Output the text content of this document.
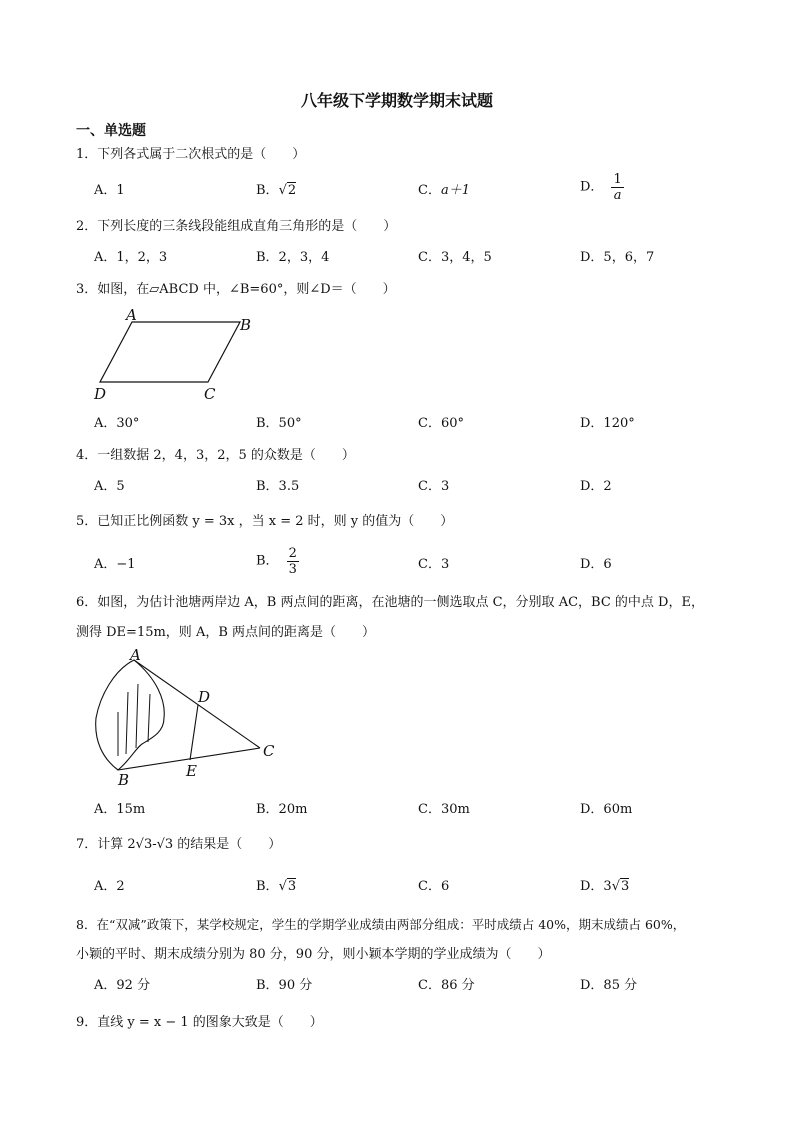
八年级下学期数学期末试题
一、单选题
1．下列各式属于二次根式的是（　　）
A．1	B．√2	C．a＋1	D． $\frac{1}{a}$
2．下列长度的三条线段能组成直角三角形的是（　　）
A．1，2，3	B．2，3，4	C．3，4，5	D．5，6，7
3．如图，在▱ABCD 中，∠B=60°，则∠D＝（　　）
A
B
C
D
A．30°	B．50°	C．60°	D．120°
4．一组数据 2，4，3，2，5 的众数是（　　）
A．5	B．3.5	C．3	D．2
5．已知正比例函数 y = 3x ，当 x = 2 时，则 y 的值为（　　）
A．−1	B． $\frac{2}{3}$	C．3	D．6
6．如图，为估计池塘两岸边 A，B 两点间的距离，在池塘的一侧选取点 C，分别取 AC，BC 的中点 D，E，
测得 DE=15m，则 A，B 两点间的距离是（　　）
A
B
C
D
E
A．15m	B．20m	C．30m	D．60m
7．计算 2√3-√3 的结果是（　　）
A．2	B．√3	C．6	D．3√3
8．在“双减”政策下，某学校规定，学生的学期学业成绩由两部分组成：平时成绩占 40%，期末成绩占 60%，
小颖的平时、期末成绩分别为 80 分，90 分，则小颖本学期的学业成绩为（　　）
A．92 分	B．90 分	C．86 分	D．85 分
9．直线 y = x − 1 的图象大致是（　　）
